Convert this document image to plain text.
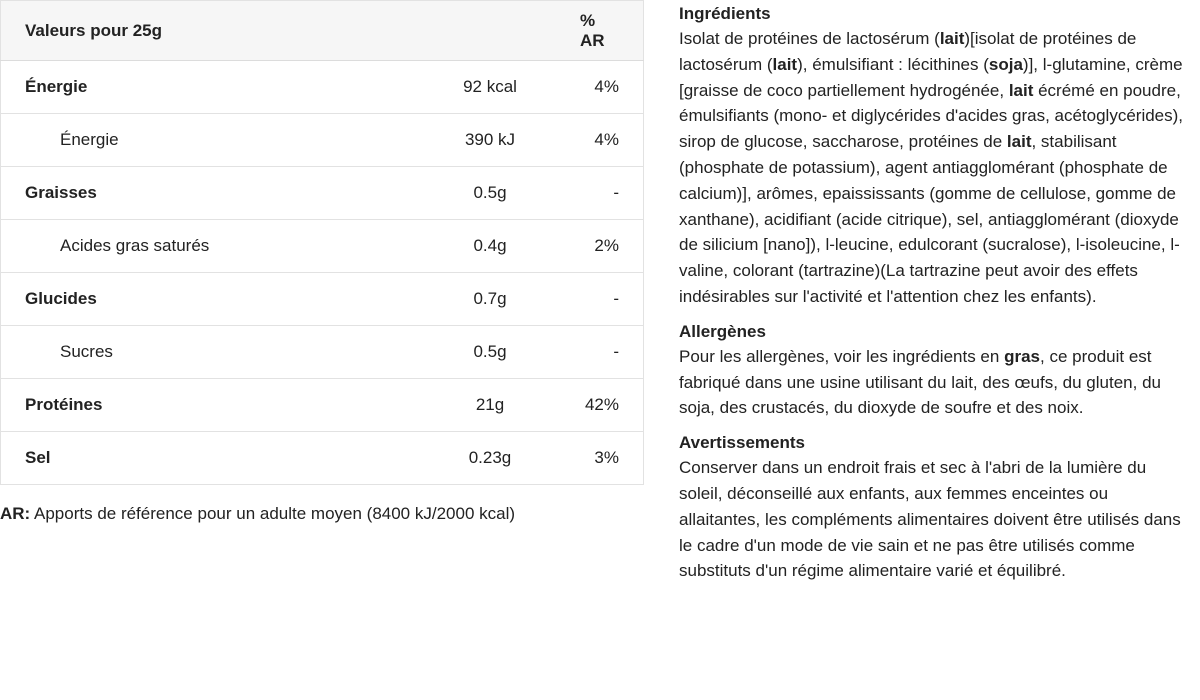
Valeurs pour 25g		% AR
Énergie	92 kcal	4%
Énergie	390 kJ	4%
Graisses	0.5g	-
Acides gras saturés	0.4g	2%
Glucides	0.7g	-
Sucres	0.5g	-
Protéines	21g	42%
Sel	0.23g	3%
AR: Apports de référence pour un adulte moyen (8400 kJ/2000 kcal)
Ingrédients

Isolat de protéines de lactosérum (lait)[isolat de protéines de lactosérum (lait), émulsifiant : lécithines (soja)], l-glutamine, crème [graisse de coco partiellement hydrogénée, lait écrémé en poudre, émulsifiants (mono- et diglycérides d'acides gras, acétoglycérides), sirop de glucose, saccharose, protéines de lait, stabilisant (phosphate de potassium), agent antiagglomérant (phosphate de calcium)], arômes, epaississants (gomme de cellulose, gomme de xanthane), acidifiant (acide citrique), sel, antiagglomérant (dioxyde de silicium [nano]), l-leucine, edulcorant (sucralose), l-isoleucine, l-valine, colorant (tartrazine)(La tartrazine peut avoir des effets indésirables sur l'activité et l'attention chez les enfants).

Allergènes

Pour les allergènes, voir les ingrédients en gras, ce produit est fabriqué dans une usine utilisant du lait, des œufs, du gluten, du soja, des crustacés, du dioxyde de soufre et des noix.

Avertissements

Conserver dans un endroit frais et sec à l'abri de la lumière du soleil, déconseillé aux enfants, aux femmes enceintes ou allaitantes, les compléments alimentaires doivent être utilisés dans le cadre d'un mode de vie sain et ne pas être utilisés comme substituts d'un régime alimentaire varié et équilibré.
